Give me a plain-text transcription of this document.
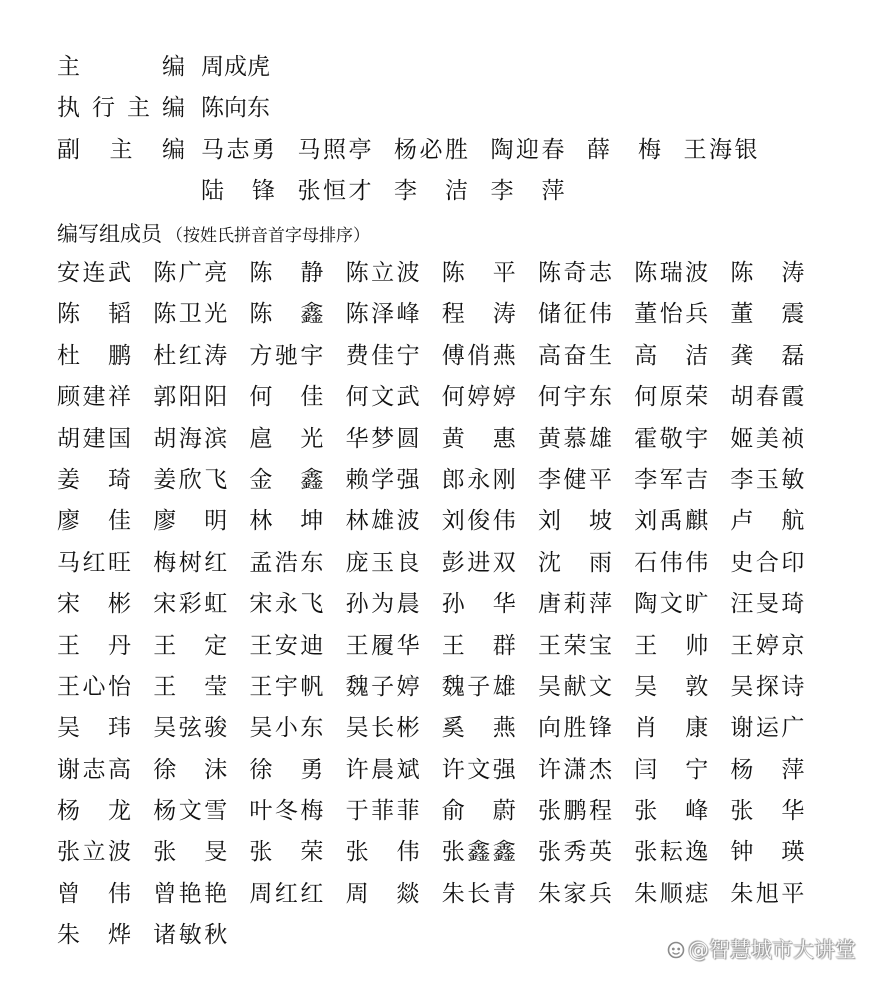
主	编 周成虎
执 行 主 编 陈向东
副 主 编 马 志 勇 马 照 亭 杨 必 胜 陶 迎 春 薛 梅 王 海 银
陆 锋 张 恒 才 李 洁 李 萍
编写组成员 （按姓氏拼音首字母排序）
安 连 武 陈 广 亮 陈 静 陈 立 波 陈 平 陈 奇 志 陈 瑞 波 陈 涛
陈 韬 陈 卫 光 陈 鑫 陈 泽 峰 程 涛 储 征 伟 董 怡 兵 董 震
杜 鹏 杜 红 涛 方 驰 宇 费 佳 宁 傅 俏 燕 高 奋 生 高 洁 龚 磊
顾 建 祥 郭 阳 阳 何 佳 何 文 武 何 婷 婷 何 宇 东 何 原 荣 胡 春 霞
胡 建 国 胡 海 滨 扈 光 华 梦 圆 黄 惠 黄 慕 雄 霍 敬 宇 姬 美 祯
姜 琦 姜 欣 飞 金 鑫 赖 学 强 郎 永 刚 李 健 平 李 军 吉 李 玉 敏
廖 佳 廖 明 林 坤 林 雄 波 刘 俊 伟 刘 坡 刘 禹 麒 卢 航
马 红 旺 梅 树 红 孟 浩 东 庞 玉 良 彭 进 双 沈 雨 石 伟 伟 史 合 印
宋 彬 宋 彩 虹 宋 永 飞 孙 为 晨 孙 华 唐 莉 萍 陶 文 旷 汪 旻 琦
王 丹 王 定 王 安 迪 王 履 华 王 群 王 荣 宝 王 帅 王 婷 京
王 心 怡 王 莹 王 宇 帆 魏 子 婷 魏 子 雄 吴 献 文 吴 敦 吴 探 诗
吴 玮 吴 弦 骏 吴 小 东 吴 长 彬 奚 燕 向 胜 锋 肖 康 谢 运 广
谢 志 高 徐 沫 徐 勇 许 晨 斌 许 文 强 许 潇 杰 闫 宁 杨 萍
杨 龙 杨 文 雪 叶 冬 梅 于 菲 菲 俞 蔚 张 鹏 程 张 峰 张 华
张 立 波 张 旻 张 荣 张 伟 张 鑫 鑫 张 秀 英 张 耘 逸 钟 瑛
曾 伟 曾 艳 艳 周 红 红 周 燚 朱 长 青 朱 家 兵 朱 顺 痣 朱 旭 平
朱 烨 诸 敏 秋
@智慧城市大讲堂
